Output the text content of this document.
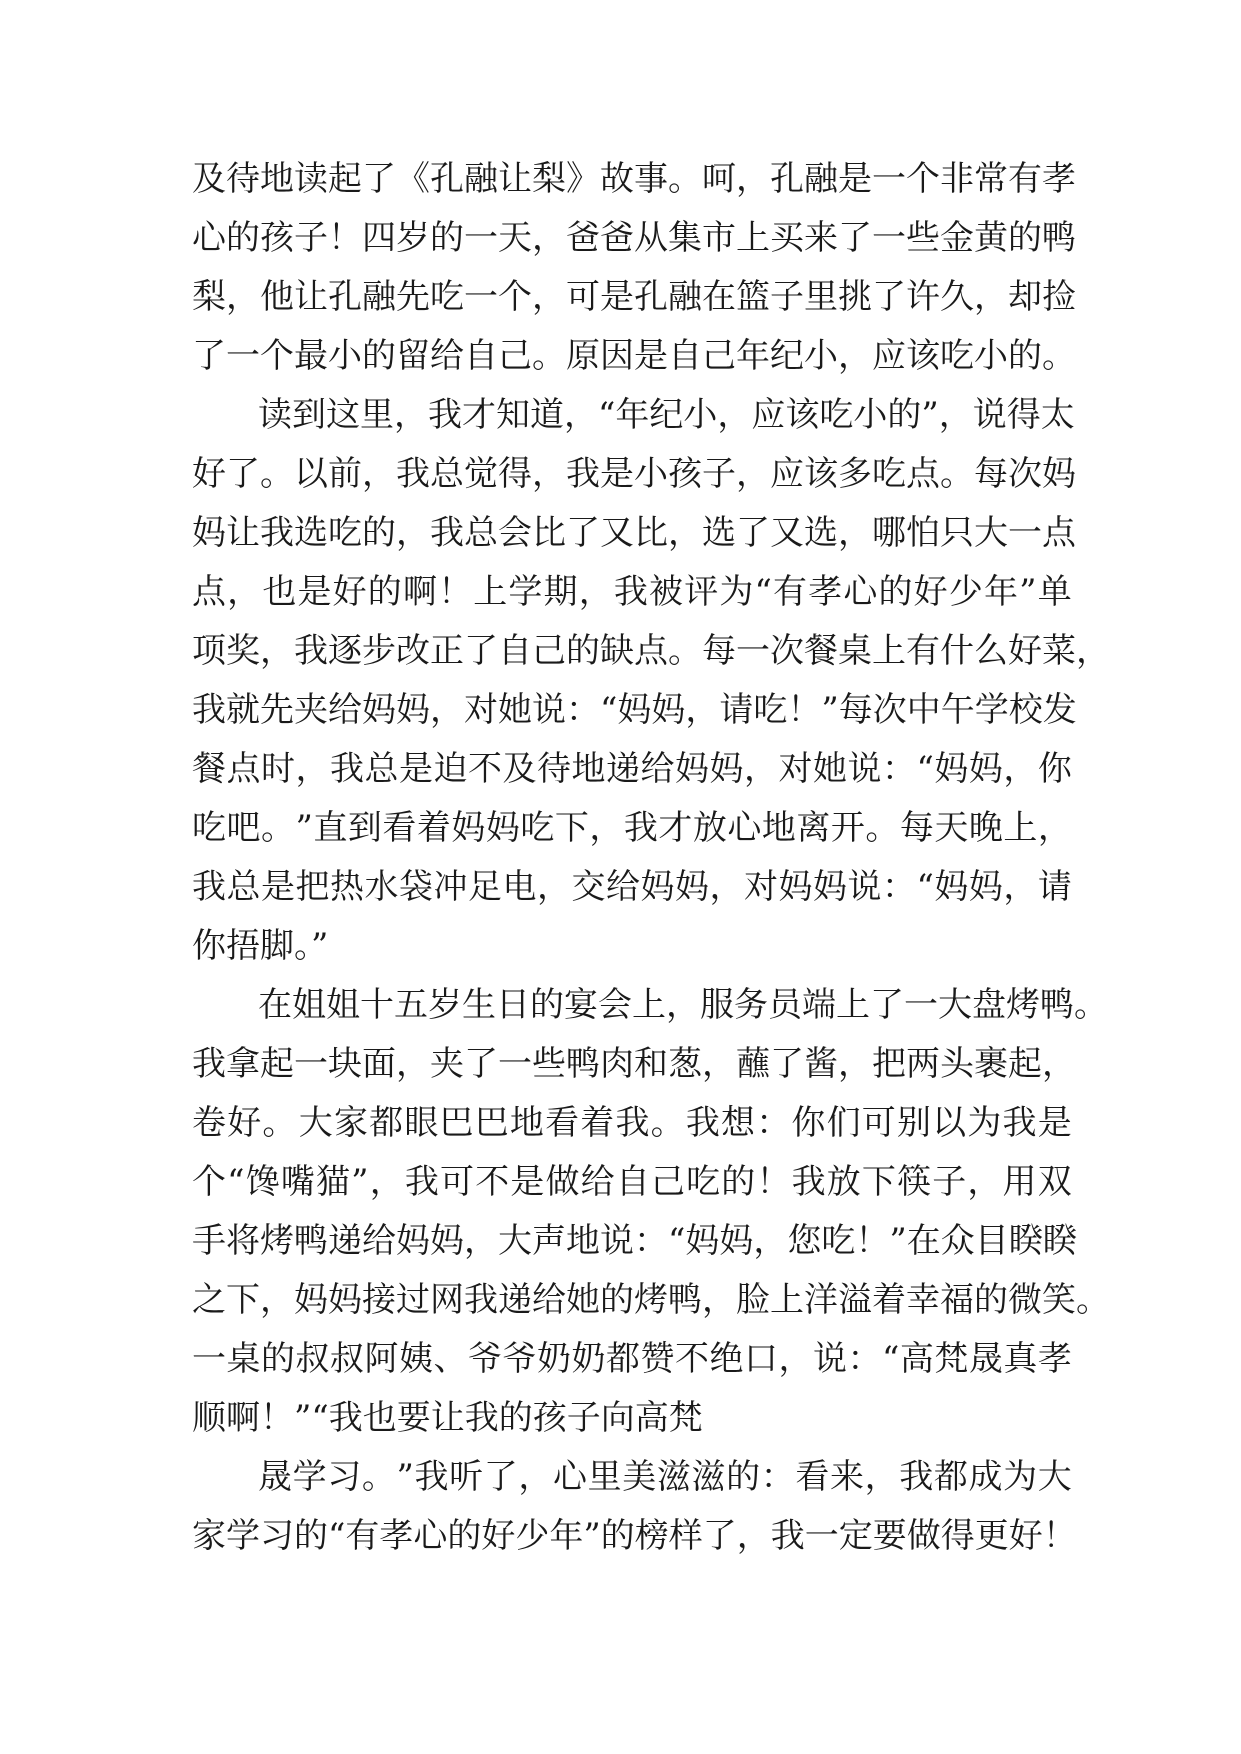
及 待 地 读 起 了 《 孔 融 让 梨 》 故 事 。 呵 ， 孔 融 是 一 个 非 常 有 孝
心 的 孩 子 ！ 四 岁 的 一 天 ， 爸 爸 从 集 市 上 买 来 了 一 些 金 黄 的 鸭
梨 ， 他 让 孔 融 先 吃 一 个 ， 可 是 孔 融 在 篮 子 里 挑 了 许 久 ， 却 捡
了 一 个 最 小 的 留 给 自 己 。 原 因 是 自 己 年 纪 小 ， 应 该 吃 小 的 。
读 到 这 里 ， 我 才 知 道 ， “ 年 纪 小 ， 应 该 吃 小 的 ” ， 说 得 太
好 了 。 以 前 ， 我 总 觉 得 ， 我 是 小 孩 子 ， 应 该 多 吃 点 。 每 次 妈
妈 让 我 选 吃 的 ， 我 总 会 比 了 又 比 ， 选 了 又 选 ， 哪 怕 只 大 一 点
点 ， 也 是 好 的 啊 ！ 上 学 期 ， 我 被 评 为 “ 有 孝 心 的 好 少 年 ” 单
项 奖 ， 我 逐 步 改 正 了 自 己 的 缺 点 。 每 一 次 餐 桌 上 有 什 么 好 菜 ，
我 就 先 夹 给 妈 妈 ， 对 她 说 ： “ 妈 妈 ， 请 吃 ！ ” 每 次 中 午 学 校 发
餐 点 时 ， 我 总 是 迫 不 及 待 地 递 给 妈 妈 ， 对 她 说 ： “ 妈 妈 ， 你
吃 吧 。 ” 直 到 看 着 妈 妈 吃 下 ， 我 才 放 心 地 离 开 。 每 天 晚 上 ，
我 总 是 把 热 水 袋 冲 足 电 ， 交 给 妈 妈 ， 对 妈 妈 说 ： “ 妈 妈 ， 请
你捂脚。”
在 姐 姐 十 五 岁 生 日 的 宴 会 上 ， 服 务 员 端 上 了 一 大 盘 烤 鸭 。
我 拿 起 一 块 面 ， 夹 了 一 些 鸭 肉 和 葱 ， 蘸 了 酱 ， 把 两 头 裹 起 ，
卷 好 。 大 家 都 眼 巴 巴 地 看 着 我 。 我 想 ： 你 们 可 别 以 为 我 是
个 “ 馋 嘴 猫 ” ， 我 可 不 是 做 给 自 己 吃 的 ！ 我 放 下 筷 子 ， 用 双
手 将 烤 鸭 递 给 妈 妈 ， 大 声 地 说 ： “ 妈 妈 ， 您 吃 ！ ” 在 众 目 睽 睽
之 下 ， 妈 妈 接 过 网 我 递 给 她 的 烤 鸭 ， 脸 上 洋 溢 着 幸 福 的 微 笑 。
一 桌 的 叔 叔 阿 姨 、 爷 爷 奶 奶 都 赞 不 绝 口 ， 说 ： “ 高 梵 晟 真 孝
顺啊！”“我也要让我的孩子向高梵
晟 学 习 。 ” 我 听 了 ， 心 里 美 滋 滋 的 ： 看 来 ， 我 都 成 为 大
家 学 习 的 “ 有 孝 心 的 好 少 年 ” 的 榜 样 了 ， 我 一 定 要 做 得 更 好 ！
